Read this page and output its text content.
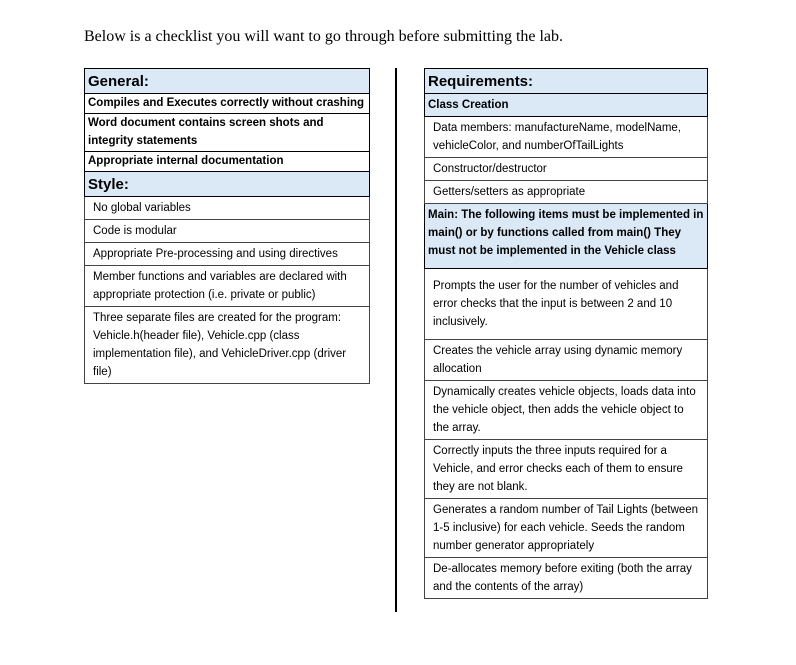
Below is a checklist you will want to go through before submitting the lab.
General:
Compiles and Executes correctly without crashing
Word document contains screen shots and integrity statements
Appropriate internal documentation
Style:
No global variables
Code is modular
Appropriate Pre-processing and using directives
Member functions and variables are declared with appropriate protection (i.e. private or public)
Three separate files are created for the program: Vehicle.h(header file), Vehicle.cpp (class implementation file), and VehicleDriver.cpp (driver file)
Requirements:
Class Creation
Data members: manufactureName, modelName, vehicleColor, and numberOfTailLights
Constructor/destructor
Getters/setters as appropriate
Main: The following items must be implemented in main() or by functions called from main() They must not be implemented in the Vehicle class
Prompts the user for the number of vehicles and error checks that the input is between 2 and 10 inclusively.
Creates the vehicle array using dynamic memory allocation
Dynamically creates vehicle objects, loads data into the vehicle object, then adds the vehicle object to the array.
Correctly inputs the three inputs required for a Vehicle, and error checks each of them to ensure they are not blank.
Generates a random number of Tail Lights (between 1-5 inclusive) for each vehicle. Seeds the random number generator appropriately
De-allocates memory before exiting (both the array and the contents of the array)
